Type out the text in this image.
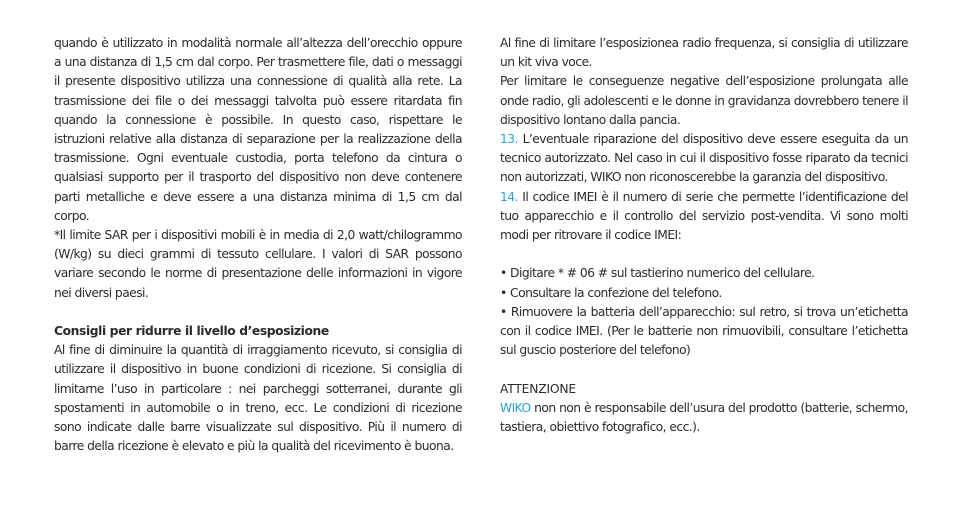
quando è utilizzato in modalità normale all’altezza dell’orecchio oppure a una distanza di 1,5 cm dal corpo. Per trasmettere file, dati o messaggi il presente dispositivo utilizza una connessione di qualità alla rete. La trasmissione dei file o dei messaggi talvolta può essere ritardata fin quando la connessione è possibile. In questo caso, rispettare le istruzioni relative alla distanza di separazione per la realizzazione della trasmissione. Ogni eventuale custodia, porta telefono da cintura o qualsiasi supporto per il trasporto del dispositivo non deve contenere parti metalliche e deve essere a una distanza minima di 1,5 cm dal corpo.

*Il limite SAR per i dispositivi mobili è in media di 2,0 watt/chilogrammo (W/kg) su dieci grammi di tessuto cellulare. I valori di SAR possono variare secondo le norme di presentazione delle informazioni in vigore nei diversi paesi.

Consigli per ridurre il livello d’esposizione

Al fine di diminuire la quantità di irraggiamento ricevuto, si consiglia di utilizzare il dispositivo in buone condizioni di ricezione. Si consiglia di limitarne l’uso in particolare : nei parcheggi sotterranei, durante gli spostamenti in automobile o in treno, ecc. Le condizioni di ricezione sono indicate dalle barre visualizzate sul dispositivo. Più il numero di barre della ricezione è elevato e più la qualità del ricevimento è buona.

Al fine di limitare l’esposizionea radio frequenza, si consiglia di utilizzare un kit viva voce.

Per limitare le conseguenze negative dell’esposizione prolungata alle onde radio, gli adolescenti e le donne in gravidanza dovrebbero tenere il dispositivo lontano dalla pancia.

13. L’eventuale riparazione del dispositivo deve essere eseguita da un tecnico autorizzato. Nel caso in cui il dispositivo fosse riparato da tecnici non autorizzati, WIKO non riconoscerebbe la garanzia del dispositivo.

14. Il codice IMEI è il numero di serie che permette l’identificazione del tuo apparecchio e il controllo del servizio post-vendita. Vi sono molti modi per ritrovare il codice IMEI:

• Digitare * # 06 # sul tastierino numerico del cellulare.

• Consultare la confezione del telefono.

• Rimuovere la batteria dell’apparecchio: sul retro, si trova un’etichetta con il codice IMEI. (Per le batterie non rimuovibili, consultare l’etichetta sul guscio posteriore del telefono)

ATTENZIONE

WIKO non non è responsabile dell’usura del prodotto (batterie, schermo, tastiera, obiettivo fotografico, ecc.).
